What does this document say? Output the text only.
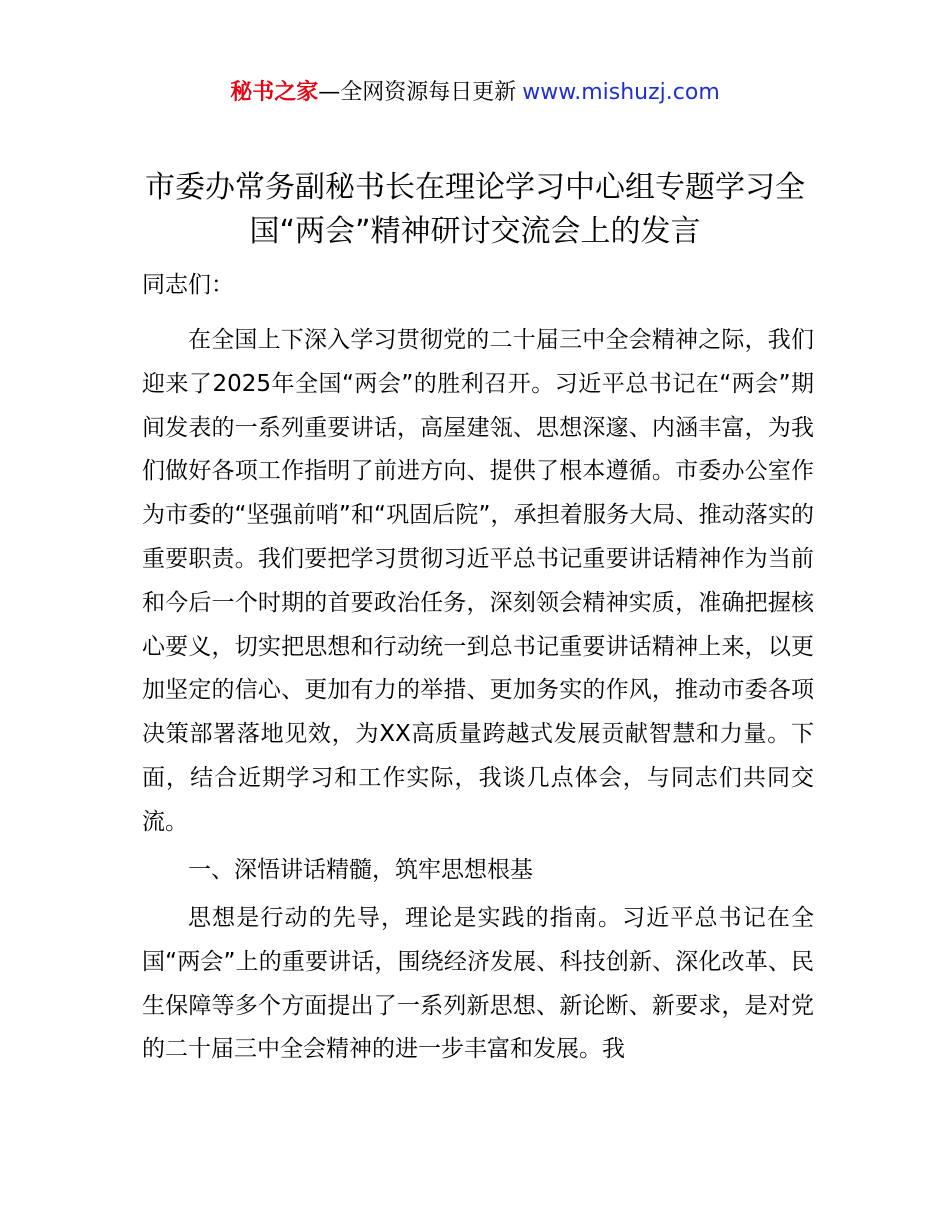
秘书之家—全网资源每日更新 www.mishuzj.com
市委办常务副秘书长在理论学习中心组专题学习全国“两会”精神研讨交流会上的发言

同志们：

在全国上下深入学习贯彻党的二十届三中全会精神之际，我们迎来了2025年全国“两会”的胜利召开。习近平总书记在“两会”期间发表的一系列重要讲话，高屋建瓴、思想深邃、内涵丰富，为我们做好各项工作指明了前进方向、提供了根本遵循。市委办公室作为市委的“坚强前哨”和“巩固后院”，承担着服务大局、推动落实的重要职责。我们要把学习贯彻习近平总书记重要讲话精神作为当前和今后一个时期的首要政治任务，深刻领会精神实质，准确把握核心要义，切实把思想和行动统一到总书记重要讲话精神上来，以更加坚定的信心、更加有力的举措、更加务实的作风，推动市委各项决策部署落地见效，为XX高质量跨越式发展贡献智慧和力量。下面，结合近期学习和工作实际，我谈几点体会，与同志们共同交流。

一、深悟讲话精髓，筑牢思想根基

思想是行动的先导，理论是实践的指南。习近平总书记在全国“两会”上的重要讲话，围绕经济发展、科技创新、深化改革、民生保障等多个方面提出了一系列新思想、新论断、新要求，是对党的二十届三中全会精神的进一步丰富和发展。我
